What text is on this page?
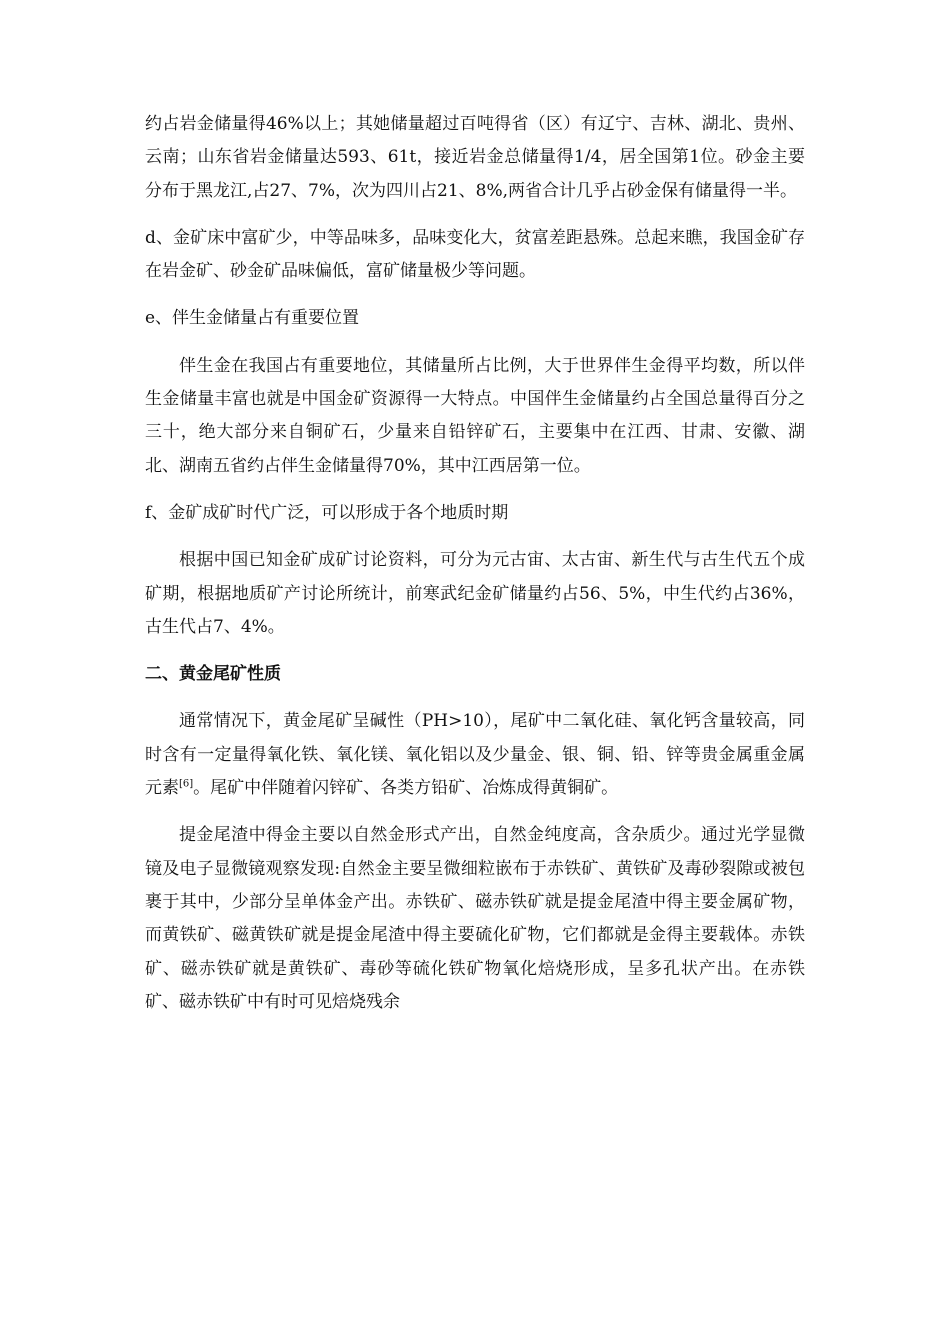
约占岩金储量得46%以上；其她储量超过百吨得省（区）有辽宁、吉林、湖北、贵州、云南；山东省岩金储量达593、61t，接近岩金总储量得1/4，居全国第1位。砂金主要分布于黑龙江,占27、7%，次为四川占21、8%,两省合计几乎占砂金保有储量得一半。

d、金矿床中富矿少，中等品味多，品味变化大，贫富差距悬殊。总起来瞧，我国金矿存在岩金矿、砂金矿品味偏低，富矿储量极少等问题。

e、伴生金储量占有重要位置

伴生金在我国占有重要地位，其储量所占比例，大于世界伴生金得平均数，所以伴生金储量丰富也就是中国金矿资源得一大特点。中国伴生金储量约占全国总量得百分之三十，绝大部分来自铜矿石，少量来自铅锌矿石，主要集中在江西、甘肃、安徽、湖北、湖南五省约占伴生金储量得70%，其中江西居第一位。

f、金矿成矿时代广泛，可以形成于各个地质时期

根据中国已知金矿成矿讨论资料，可分为元古宙、太古宙、新生代与古生代五个成矿期，根据地质矿产讨论所统计，前寒武纪金矿储量约占56、5%，中生代约占36%，古生代占7、4%。

二、黄金尾矿性质

通常情况下，黄金尾矿呈碱性（PH>10），尾矿中二氧化硅、氧化钙含量较高，同时含有一定量得氧化铁、氧化镁、氧化铝以及少量金、银、铜、铅、锌等贵金属重金属元素[6]。尾矿中伴随着闪锌矿、各类方铅矿、冶炼成得黄铜矿。

提金尾渣中得金主要以自然金形式产出，自然金纯度高，含杂质少。通过光学显微镜及电子显微镜观察发现:自然金主要呈微细粒嵌布于赤铁矿、黄铁矿及毒砂裂隙或被包裹于其中，少部分呈单体金产出。赤铁矿、磁赤铁矿就是提金尾渣中得主要金属矿物，而黄铁矿、磁黄铁矿就是提金尾渣中得主要硫化矿物，它们都就是金得主要载体。赤铁矿、磁赤铁矿就是黄铁矿、毒砂等硫化铁矿物氧化焙烧形成，呈多孔状产出。在赤铁矿、磁赤铁矿中有时可见焙烧残余
